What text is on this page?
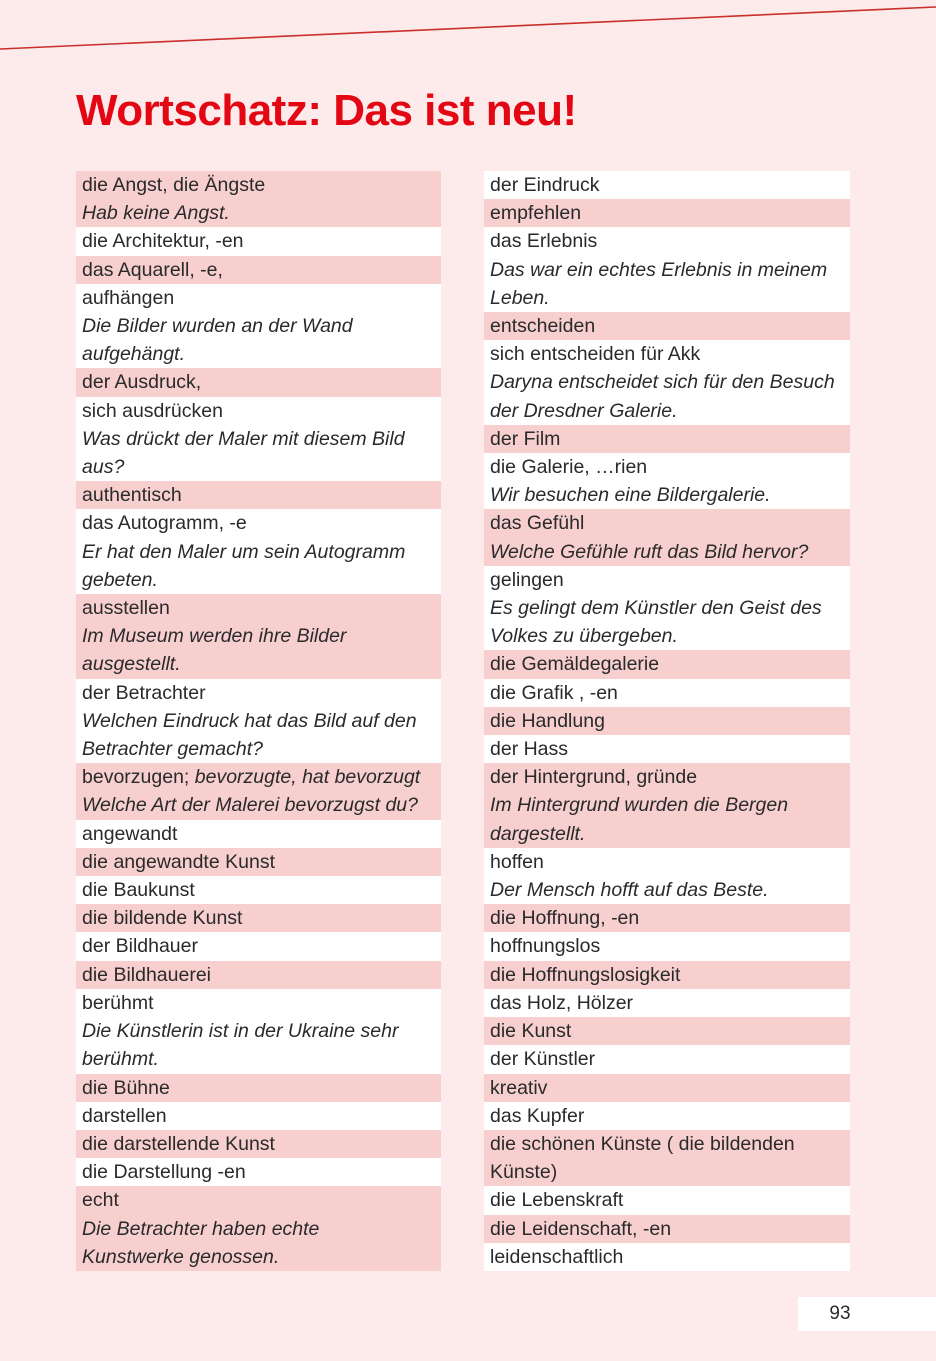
Wortschatz: Das ist neu!
die Angst, die Ängste
Hab keine Angst.
die Architektur, -en
das Aquarell, -e,
aufhängen
Die Bilder wurden an der Wand
aufgehängt.
der Ausdruck,
sich ausdrücken
Was drückt der Maler mit diesem Bild
aus?
authentisch
das Autogramm, -e
Er hat den Maler um sein Autogramm
gebeten.
ausstellen
Im Museum werden ihre Bilder
ausgestellt.
der Betrachter
Welchen Eindruck hat das Bild auf den
Betrachter gemacht?
bevorzugen; bevorzugte, hat bevorzugt
Welche Art der Malerei bevorzugst du?
angewandt
die angewandte Kunst
die Baukunst
die bildende Kunst
der Bildhauer
die Bildhauerei
berühmt
Die Künstlerin ist in der Ukraine sehr
berühmt.
die Bühne
darstellen
die darstellende Kunst
die Darstellung -en
echt
Die Betrachter haben echte
Kunstwerke genossen.
der Eindruck
empfehlen
das Erlebnis
Das war ein echtes Erlebnis in meinem
Leben.
entscheiden
sich entscheiden für Akk
Daryna entscheidet sich für den Besuch
der Dresdner Galerie.
der Film
die Galerie, …rien
Wir besuchen eine Bildergalerie.
das Gefühl
Welche Gefühle ruft das Bild hervor?
gelingen
Es gelingt dem Künstler den Geist des
Volkes zu übergeben.
die Gemäldegalerie
die Grafik , -en
die Handlung
der Hass
der Hintergrund, gründe
Im Hintergrund wurden die Bergen
dargestellt.
hoffen
Der Mensch hofft auf das Beste.
die Hoffnung, -en
hoffnungslos
die Hoffnungslosigkeit
das Holz, Hölzer
die Kunst
der Künstler
kreativ
das Kupfer
die schönen Künste ( die bildenden
Künste)
die Lebenskraft
die Leidenschaft, -en
leidenschaftlich
93
